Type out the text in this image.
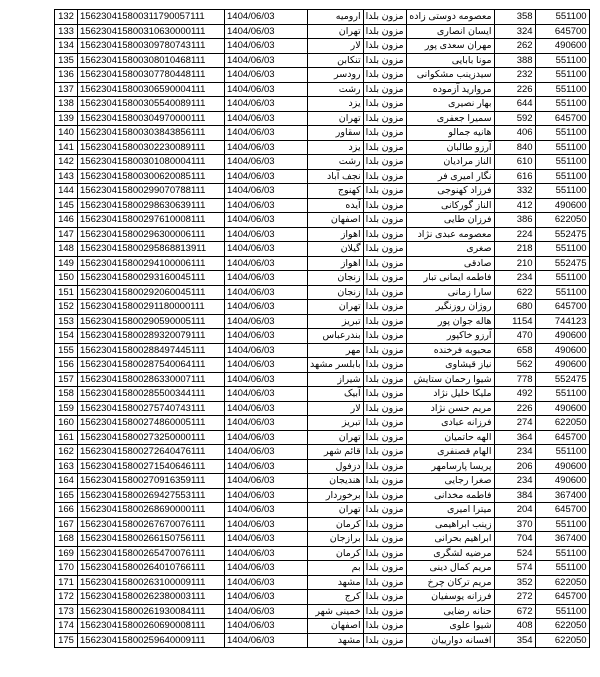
132	156230415800311790057111	1404/06/03	ارومیه	مزون بلدا	معصومه دوستی زاده	358	551100
133	156230415800310630000111	1404/06/03	تهران	مزون بلدا	ایسان انصاری	324	645700
134	156230415800309780743111	1404/06/03	لار	مزون بلدا	مهران سعدی پور	262	490600
135	156230415800308010468111	1404/06/03	تنکابن	مزون بلدا	مونا بابایی	388	551100
136	156230415800307780448111	1404/06/03	رودسر	مزون بلدا	سیدزینب مشکوانی	232	551100
137	156230415800306590004111	1404/06/03	رشت	مزون بلدا	مروارید آزموده	226	551100
138	156230415800305540089111	1404/06/03	یزد	مزون بلدا	بهار نصیری	644	551100
139	156230415800304970000111	1404/06/03	تهران	مزون بلدا	سمیرا جعفری	592	645700
140	156230415800303843856111	1404/06/03	سقاور	مزون بلدا	هانیه جمالو	406	551100
141	156230415800302230089111	1404/06/03	یزد	مزون بلدا	آرزو طالبان	840	551100
142	156230415800301080004111	1404/06/03	رشت	مزون بلدا	الناز مرادیان	610	551100
143	156230415800300620085111	1404/06/03	نجف آباد	مزون بلدا	نگار امیری فر	616	551100
144	156230415800299070788111	1404/06/03	کهنوج	مزون بلدا	فرزاد کهنوجی	332	551100
145	156230415800298630639111	1404/06/03	آیده	مزون بلدا	الناز گورکانی	412	490600
146	156230415800297610008111	1404/06/03	اصفهان	مزون بلدا	فرزان طایی	386	622050
147	156230415800296300006111	1404/06/03	اهواز	مزون بلدا	معصومه عبدی نژاد	224	552475
148	156230415800295868813911	1404/06/03	گیلان	مزون بلدا	صغری	218	551100
149	156230415800294100006111	1404/06/03	اهواز	مزون بلدا	صادقی	210	552475
150	156230415800293160045111	1404/06/03	زنجان	مزون بلدا	فاطمه ایمانی تبار	234	551100
151	156230415800292060045111	1404/06/03	زنجان	مزون بلدا	سارا زمانی	622	551100
152	156230415800291180000111	1404/06/03	تهران	مزون بلدا	روژان روزنگیر	680	645700
153	156230415800290590005111	1404/06/03	تبریز	مزون بلدا	هاله جوان پور	1154	744123
154	156230415800289320079111	1404/06/03	بندرعباس	مزون بلدا	آرزو خاکپور	470	490600
155	156230415800288497445111	1404/06/03	مهر	مزون بلدا	محبوبه فرخنده	658	490600
156	156230415800287540064111	1404/06/03	بابلسر مشهد	مزون بلدا	نیاز قیشاوی	562	490600
157	156230415800286330007111	1404/06/03	شیراز	مزون بلدا	شیوا رحمان ستایش	778	552475
158	156230415800285500344111	1404/06/03	آبیک	مزون بلدا	ملیکا خلیل نژاد	492	551100
159	156230415800275740743111	1404/06/03	لار	مزون بلدا	مریم حسن نژاد	226	490600
160	156230415800274860005111	1404/06/03	تبریز	مزون بلدا	فرزانه عبادی	274	622050
161	156230415800273250000111	1404/06/03	تهران	مزون بلدا	الهه حاتمیان	364	645700
162	156230415800272640476111	1404/06/03	قائم شهر	مزون بلدا	الهام قصنفری	234	551100
163	156230415800271540646111	1404/06/03	دزفول	مزون بلدا	پریسا پارسامهر	206	490600
164	156230415800270916359111	1404/06/03	هندیجان	مزون بلدا	صغرا رجایی	234	490600
165	156230415800269427553111	1404/06/03	برخوردار	مزون بلدا	فاطمه مخدانی	384	367400
166	156230415800268690000111	1404/06/03	تهران	مزون بلدا	میترا امیری	204	645700
167	156230415800267670076111	1404/06/03	کرمان	مزون بلدا	زینب ابراهیمی	370	551100
168	156230415800266150756111	1404/06/03	برازجان	مزون بلدا	ابراهیم بحرانی	704	367400
169	156230415800265470076111	1404/06/03	کرمان	مزون بلدا	مرضیه لشگری	524	551100
170	156230415800264010766111	1404/06/03	بم	مزون بلدا	مریم کمال دینی	574	551100
171	156230415800263100009111	1404/06/03	مشهد	مزون بلدا	مریم ترکان چرخ	352	622050
172	156230415800262380003111	1404/06/03	کرج	مزون بلدا	فرزانه یوسفیان	272	645700
173	156230415800261930084111	1404/06/03	خمینی شهر	مزون بلدا	حنانه رضایی	672	551100
174	156230415800260690008111	1404/06/03	اصفهان	مزون بلدا	شیوا علوی	408	622050
175	156230415800259640009111	1404/06/03	مشهد	مزون بلدا	افسانه دوارییان	354	622050
